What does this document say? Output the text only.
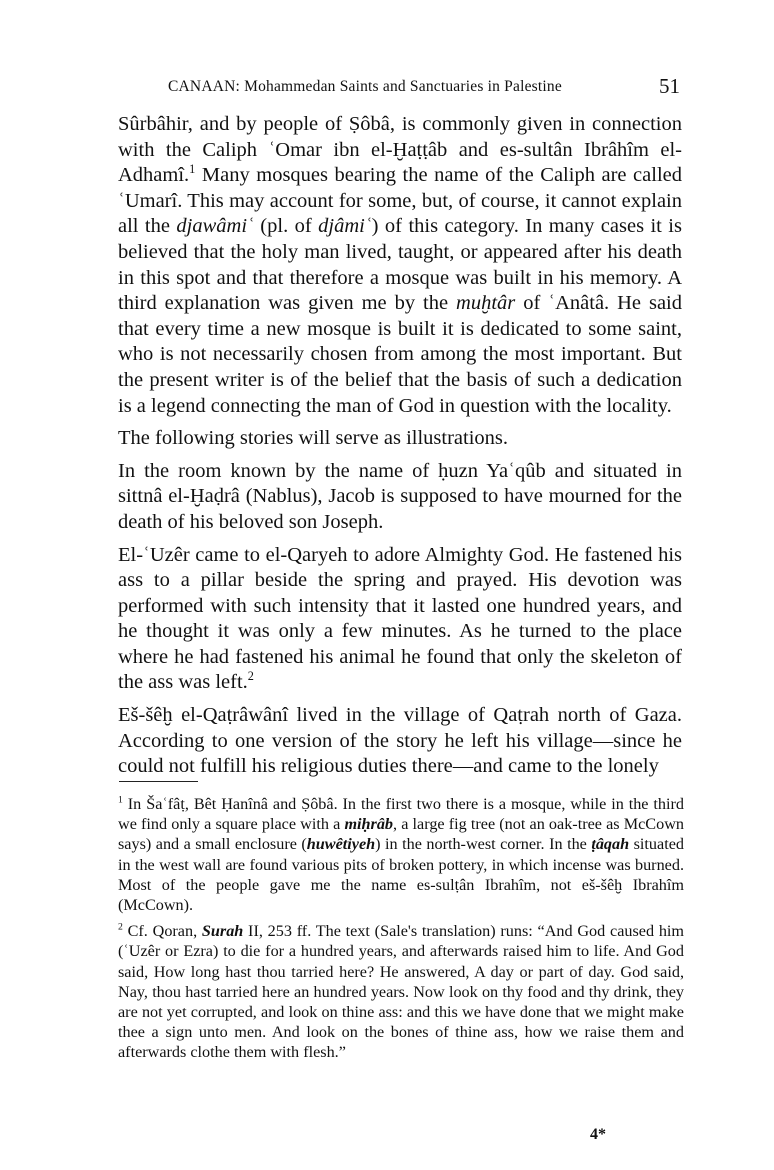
CANAAN: Mohammedan Saints and Sanctuaries in Palestine	51

Sûrbâhir, and by people of Ṣôbâ, is commonly given in connection with the Caliph ʿOmar ibn el-Ḫaṭṭâb and es-sultân Ibrâhîm el-Adhamî.$^1$ Many mosques bearing the name of the Caliph are called ʿUmarî. This may account for some, but, of course, it cannot explain all the djawâmiʿ (pl. of djâmiʿ) of this category. In many cases it is believed that the holy man lived, taught, or appeared after his death in this spot and that therefore a mosque was built in his memory. A third explanation was given me by the muḫtâr of ʿAnâtâ. He said that every time a new mosque is built it is dedicated to some saint, who is not necessarily chosen from among the most important. But the present writer is of the belief that the basis of such a dedication is a legend connecting the man of God in question with the locality.

The following stories will serve as illustrations.

In the room known by the name of ḥuzn Yaʿqûb and situated in sittnâ el-Ḫaḍrâ (Nablus), Jacob is supposed to have mourned for the death of his beloved son Joseph.

El-ʿUzêr came to el-Qaryeh to adore Almighty God. He fastened his ass to a pillar beside the spring and prayed. His devotion was performed with such intensity that it lasted one hundred years, and he thought it was only a few minutes. As he turned to the place where he had fastened his animal he found that only the skeleton of the ass was left.$^2$

Eš-šêḫ el-Qaṭrâwânî lived in the village of Qaṭrah north of Gaza. According to one version of the story he left his village—since he could not fulfill his religious duties there—and came to the lonely

$^1$ In Šaʿfâṭ, Bêt Ḥanînâ and Ṣôbâ. In the first two there is a mosque, while in the third we find only a square place with a miḥrâb, a large fig tree (not an oak-tree as McCown says) and a small enclosure (huwêtiyeh) in the north-west corner. In the ṭâqah situated in the west wall are found various pits of broken pottery, in which incense was burned. Most of the people gave me the name es-sulṭân Ibrahîm, not eš-šêḫ Ibrahîm (McCown).

$^2$ Cf. Qoran, Surah II, 253 ff. The text (Sale's translation) runs: “And God caused him (ʿUzêr or Ezra) to die for a hundred years, and afterwards raised him to life. And God said, How long hast thou tarried here? He answered, A day or part of day. God said, Nay, thou hast tarried here an hundred years. Now look on thy food and thy drink, they are not yet corrupted, and look on thine ass: and this we have done that we might make thee a sign unto men. And look on the bones of thine ass, how we raise them and afterwards clothe them with flesh.”

4*
